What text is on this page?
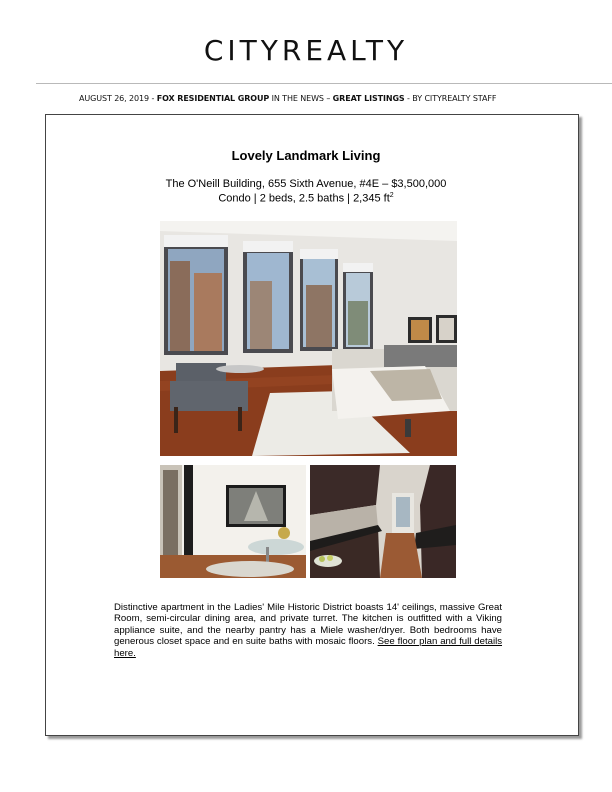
CITYREALTY
AUGUST 26, 2019 - FOX RESIDENTIAL GROUP IN THE NEWS – GREAT LISTINGS - BY CITYREALTY STAFF
Lovely Landmark Living
The O'Neill Building, 655 Sixth Avenue, #4E – $3,500,000
Condo | 2 beds, 2.5 baths | 2,345 $ft^2$
Distinctive apartment in the Ladies' Mile Historic District boasts 14' ceilings, massive Great Room, semi-circular dining area, and private turret. The kitchen is outfitted with a Viking appliance suite, and the nearby pantry has a Miele washer/dryer. Both bedrooms have generous closet space and en suite baths with mosaic floors. See floor plan and full details here.
